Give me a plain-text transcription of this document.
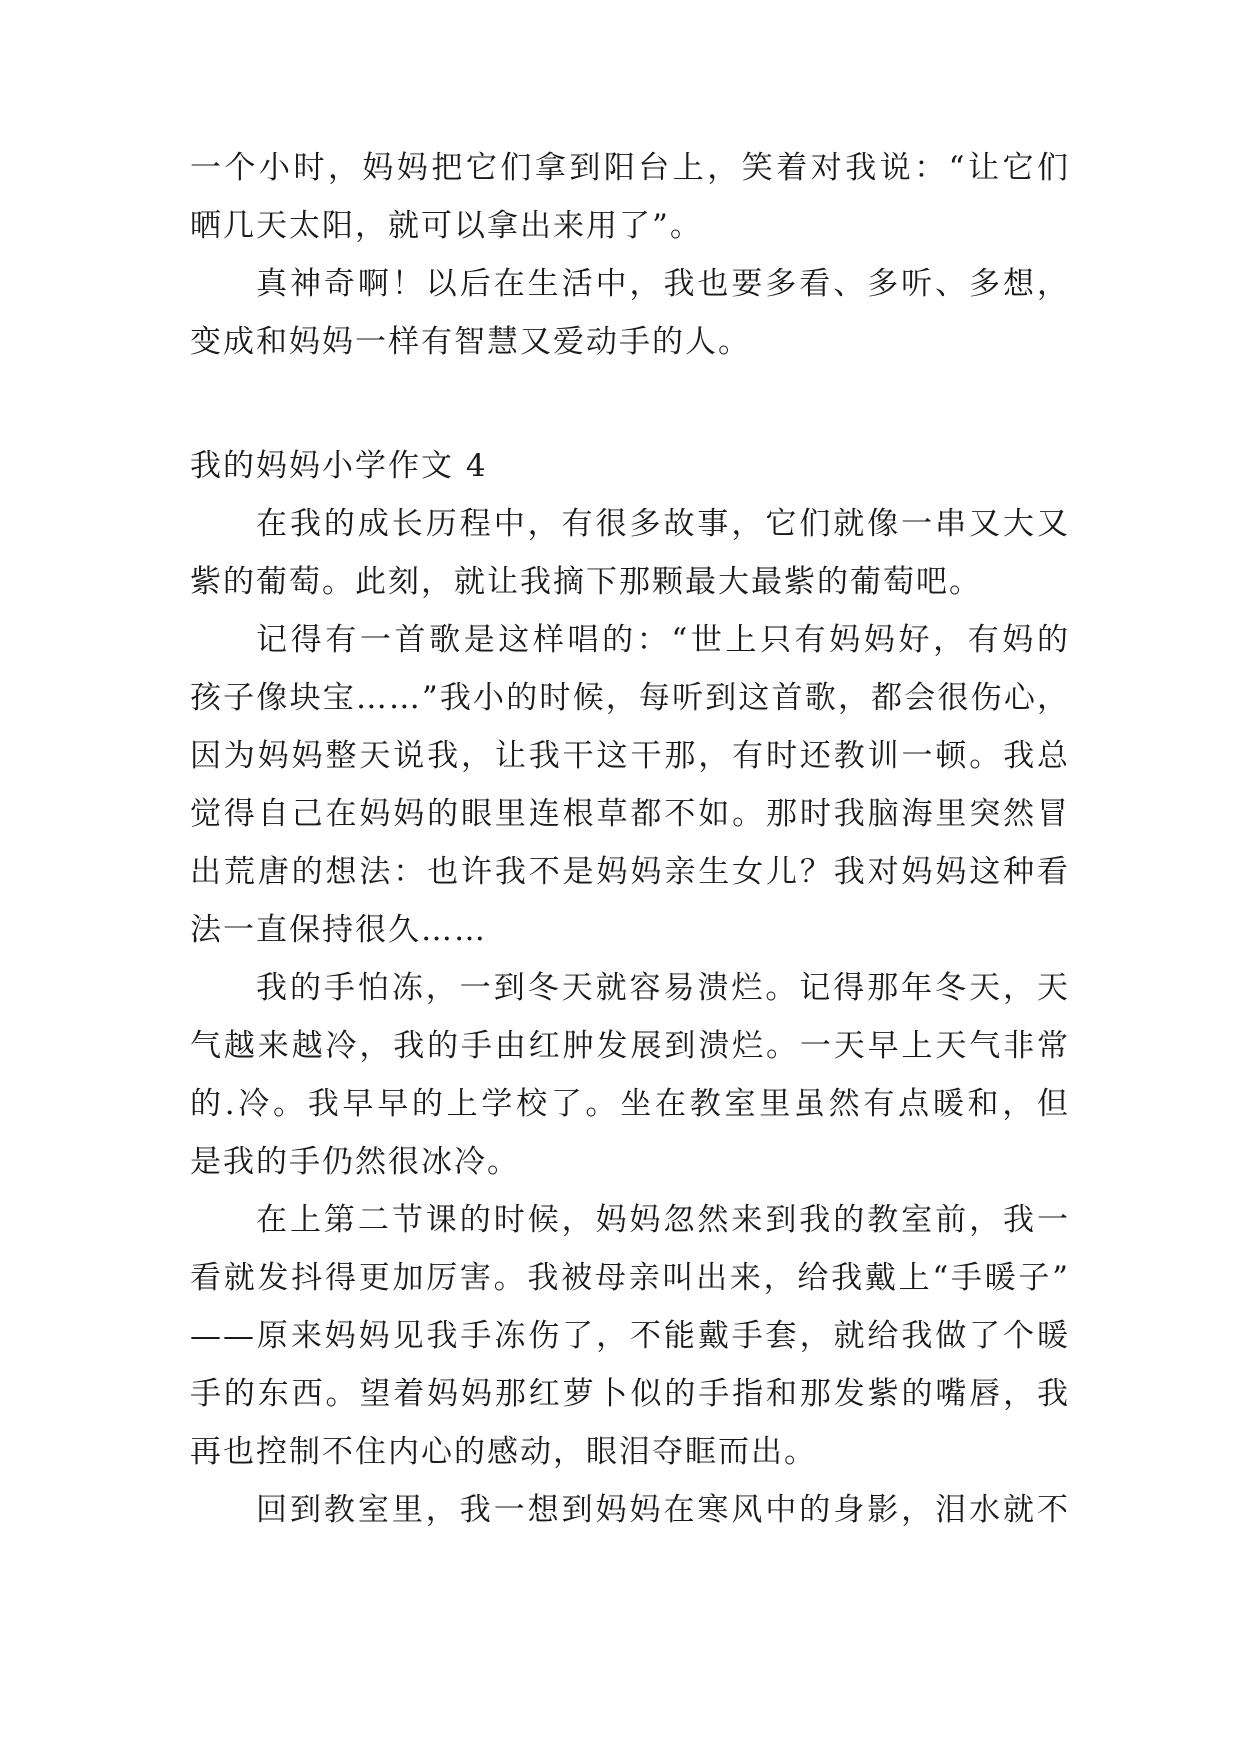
一个小时，妈妈把它们拿到阳台上，笑着对我说：“让它们
晒几天太阳，就可以拿出来用了”。
真神奇啊！以后在生活中，我也要多看、多听、多想，
变成和妈妈一样有智慧又爱动手的人。
我的妈妈小学作文 4
在我的成长历程中，有很多故事，它们就像一串又大又
紫的葡萄。此刻，就让我摘下那颗最大最紫的葡萄吧。
记得有一首歌是这样唱的：“世上只有妈妈好，有妈的
孩子像块宝……”我小的时候，每听到这首歌，都会很伤心，
因为妈妈整天说我，让我干这干那，有时还教训一顿。我总
觉得自己在妈妈的眼里连根草都不如。那时我脑海里突然冒
出荒唐的想法：也许我不是妈妈亲生女儿？我对妈妈这种看
法一直保持很久……
我的手怕冻，一到冬天就容易溃烂。记得那年冬天，天
气越来越冷，我的手由红肿发展到溃烂。一天早上天气非常
的.冷。我早早的上学校了。坐在教室里虽然有点暖和，但
是我的手仍然很冰冷。
在上第二节课的时候，妈妈忽然来到我的教室前，我一
看就发抖得更加厉害。我被母亲叫出来，给我戴上“手暖子”
——原来妈妈见我手冻伤了，不能戴手套，就给我做了个暖
手的东西。望着妈妈那红萝卜似的手指和那发紫的嘴唇，我
再也控制不住内心的感动，眼泪夺眶而出。
回到教室里，我一想到妈妈在寒风中的身影，泪水就不
